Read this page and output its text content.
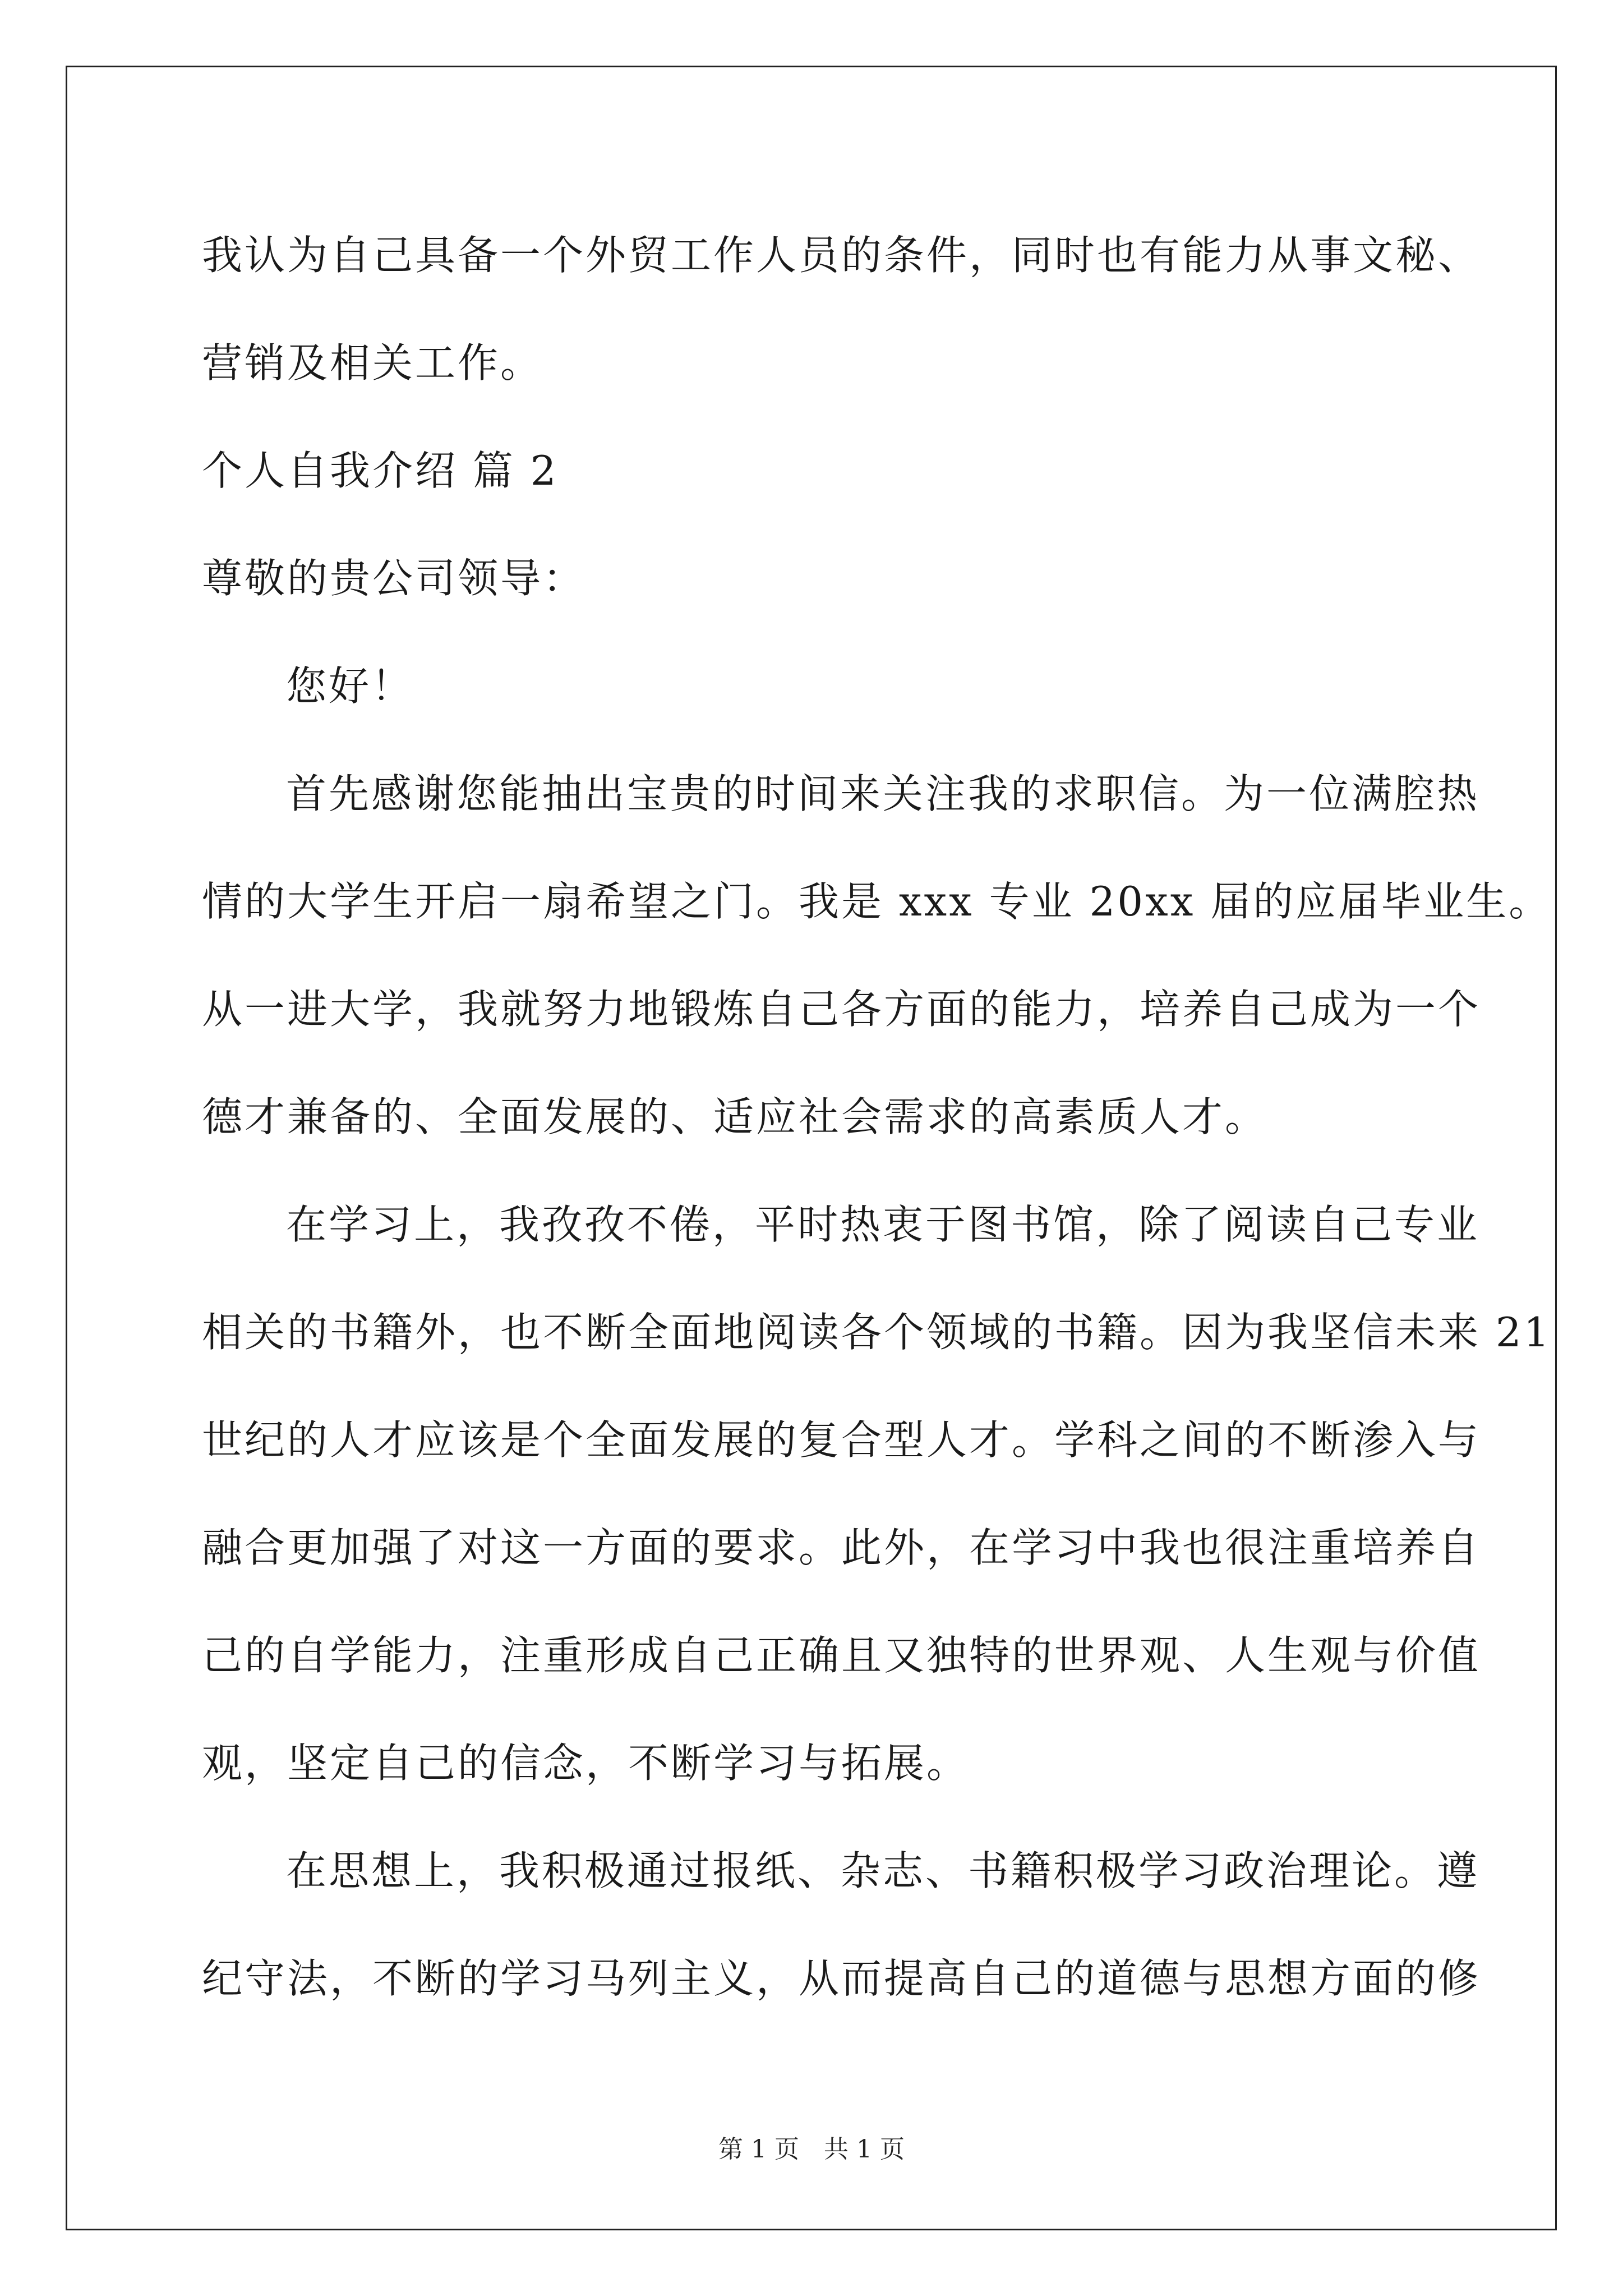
我认为自己具备一个外贸工作人员的条件，同时也有能力从事文秘、
营销及相关工作。
个人自我介绍 篇 2
尊敬的贵公司领导：
您好！
首先感谢您能抽出宝贵的时间来关注我的求职信。为一位满腔热
情的大学生开启一扇希望之门。我是 xxx 专业 20xx 届的应届毕业生。
从一进大学，我就努力地锻炼自己各方面的能力，培养自己成为一个
德才兼备的、全面发展的、适应社会需求的高素质人才。
在学习上，我孜孜不倦，平时热衷于图书馆，除了阅读自己专业
相关的书籍外，也不断全面地阅读各个领域的书籍。因为我坚信未来 21
世纪的人才应该是个全面发展的复合型人才。学科之间的不断渗入与
融合更加强了对这一方面的要求。此外，在学习中我也很注重培养自
己的自学能力，注重形成自己正确且又独特的世界观、人生观与价值
观，坚定自己的信念，不断学习与拓展。
在思想上，我积极通过报纸、杂志、书籍积极学习政治理论。遵
纪守法，不断的学习马列主义，从而提高自己的道德与思想方面的修
第 1 页　共 1 页
